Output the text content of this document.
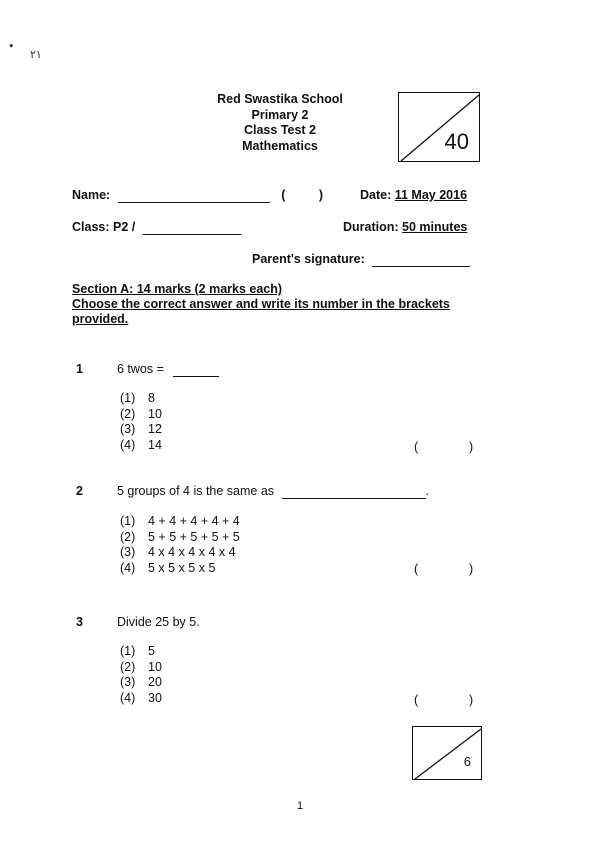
•
٢١
Red Swastika School
Primary 2
Class Test 2
Mathematics	40
Name:	(	)	Date: 11 May 2016
Class: P2 /	Duration: 50 minutes
Parent's signature:
Section A: 14 marks (2 marks each)
Choose the correct answer and write its number in the brackets provided.
1	6 twos =
(1)	8
(2)	10
(3)	12
(4)	14	(	)
2	5 groups of 4 is the same as	.
(1)	4 + 4 + 4 + 4 + 4
(2)	5 + 5 + 5 + 5 + 5
(3)	4 x 4 x 4 x 4 x 4
(4)	5 x 5 x 5 x 5	(	)
3	Divide 25 by 5.
(1)	5
(2)	10
(3)	20
(4)	30	(	)
6
1
